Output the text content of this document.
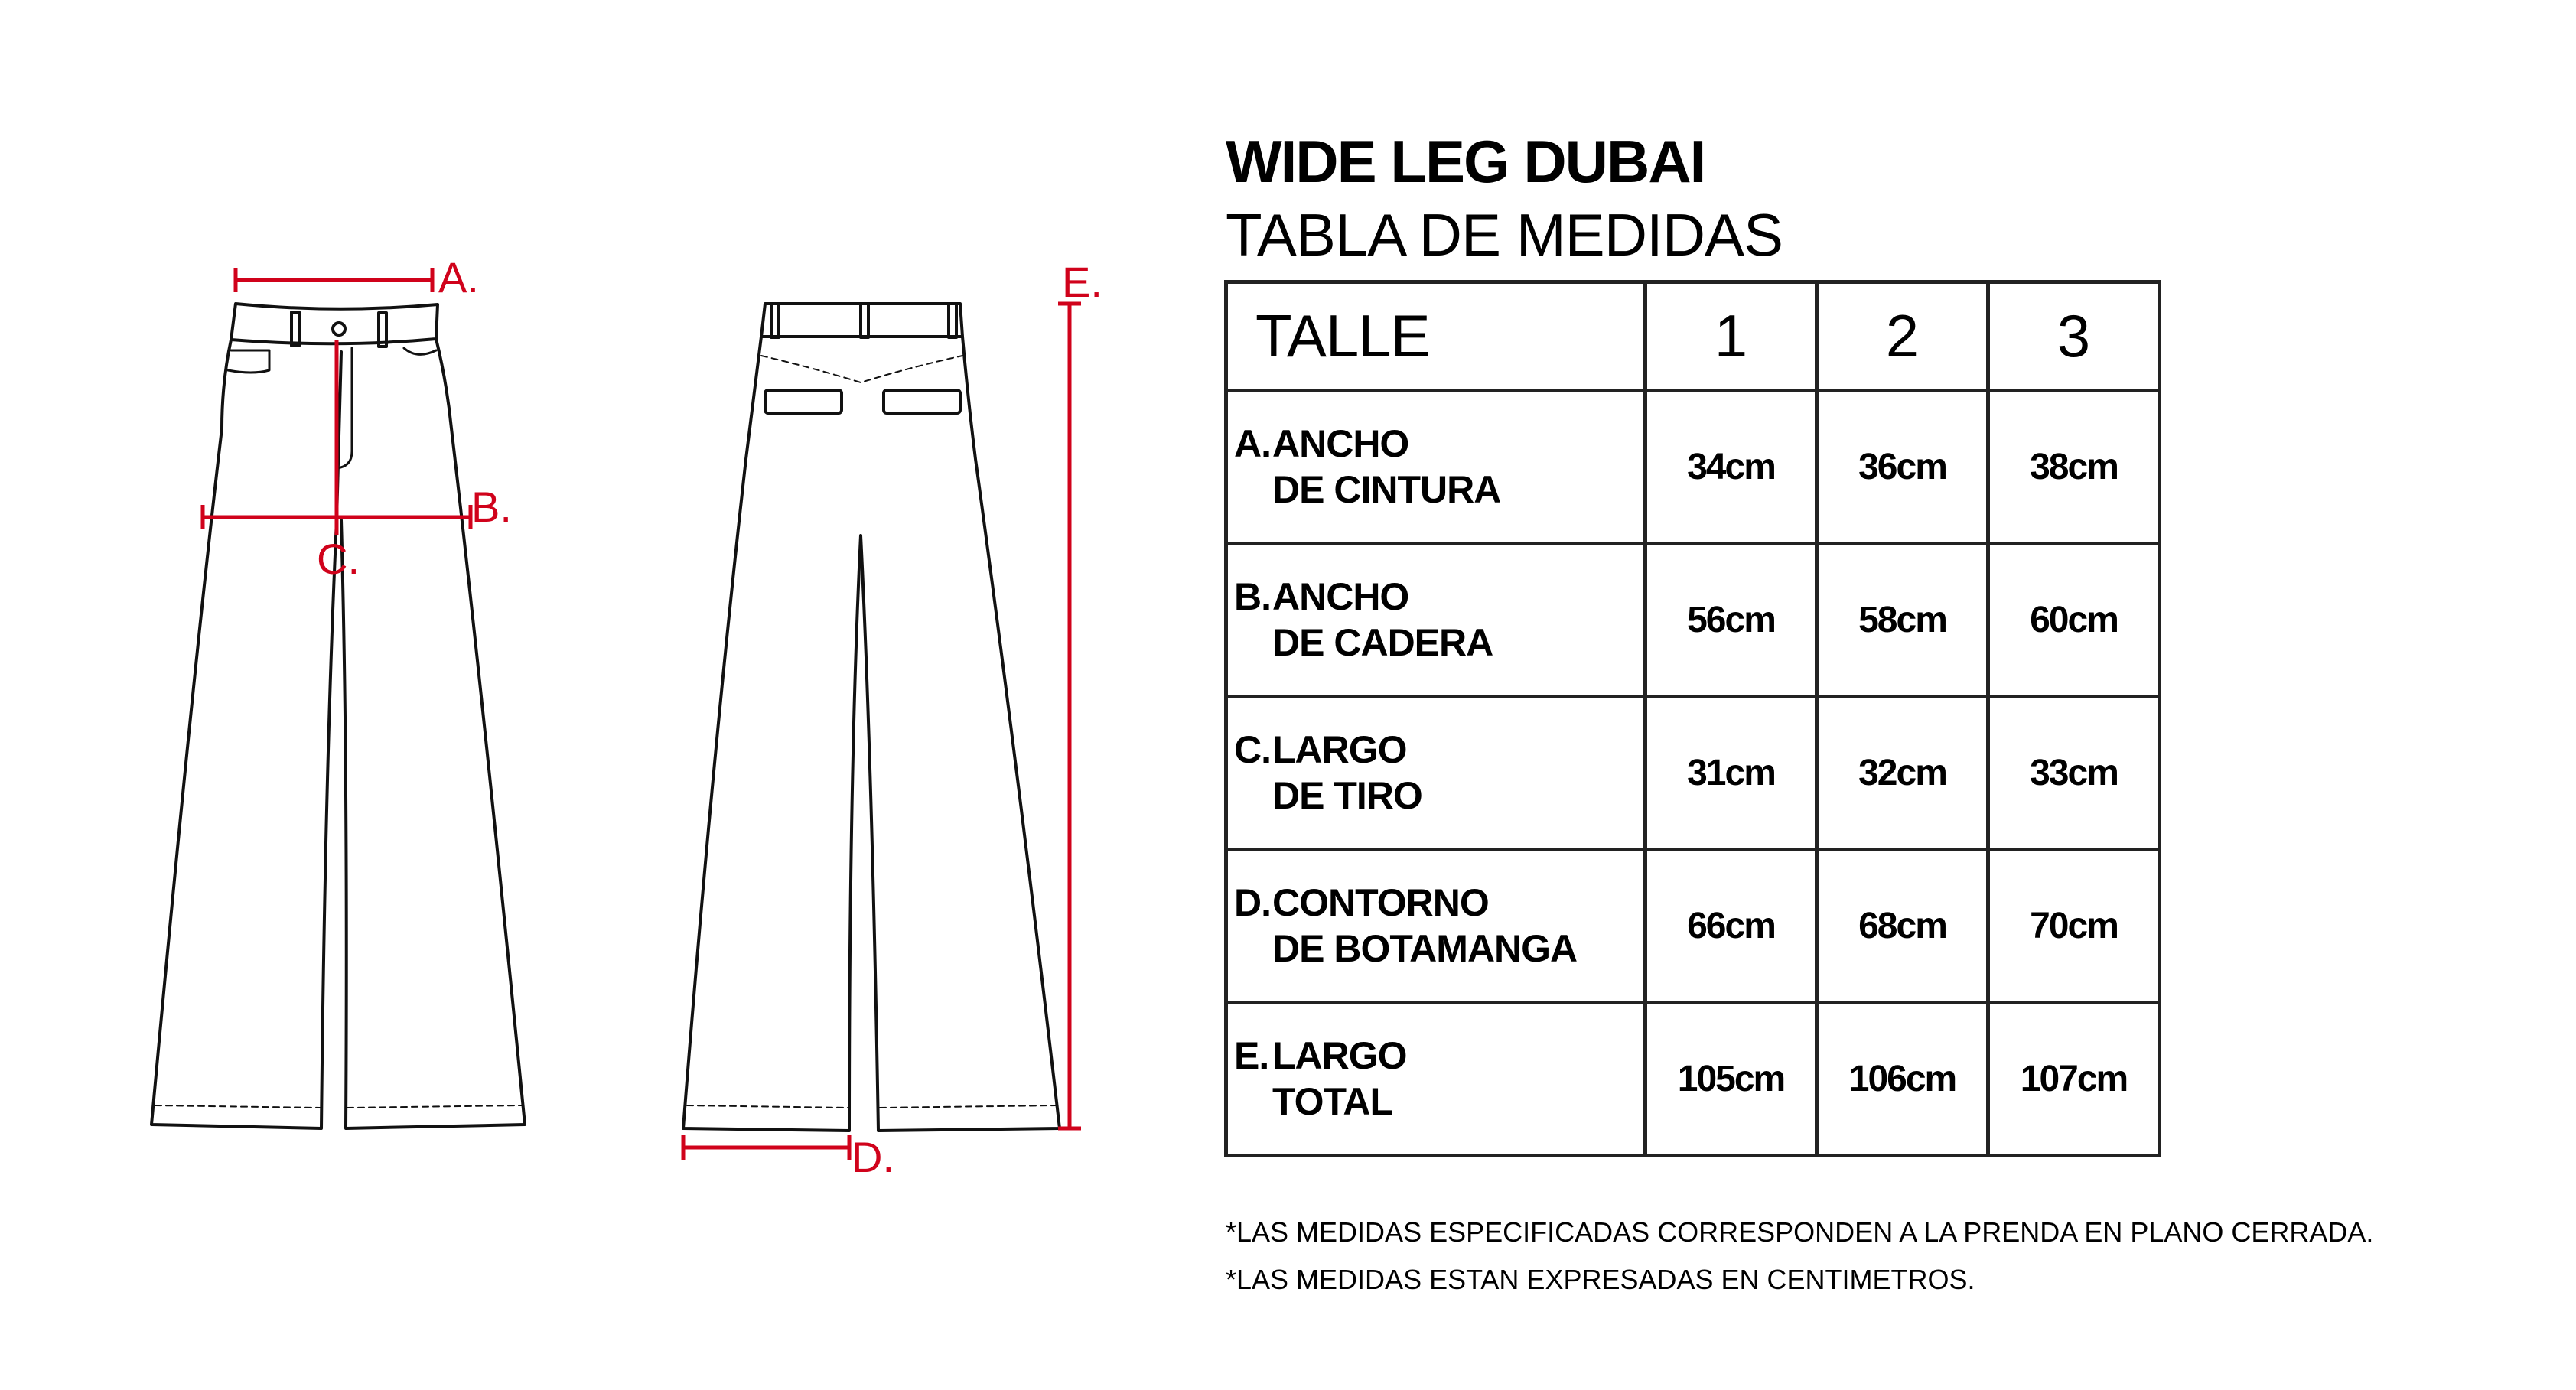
A.
B.
C.
D.
E.
WIDE LEG DUBAI
TABLA DE MEDIDAS
TALLE	1	2	3

A. ANCHO
DE CINTURA	34cm	36cm	38cm

B. ANCHO
DE CADERA	56cm	58cm	60cm

C. LARGO
DE TIRO	31cm	32cm	33cm

D. CONTORNO
DE BOTAMANGA	66cm	68cm	70cm

E. LARGO
TOTAL	105cm	106cm	107cm
*LAS MEDIDAS ESPECIFICADAS CORRESPONDEN A LA PRENDA EN PLANO CERRADA.
*LAS MEDIDAS ESTAN EXPRESADAS EN CENTIMETROS.
